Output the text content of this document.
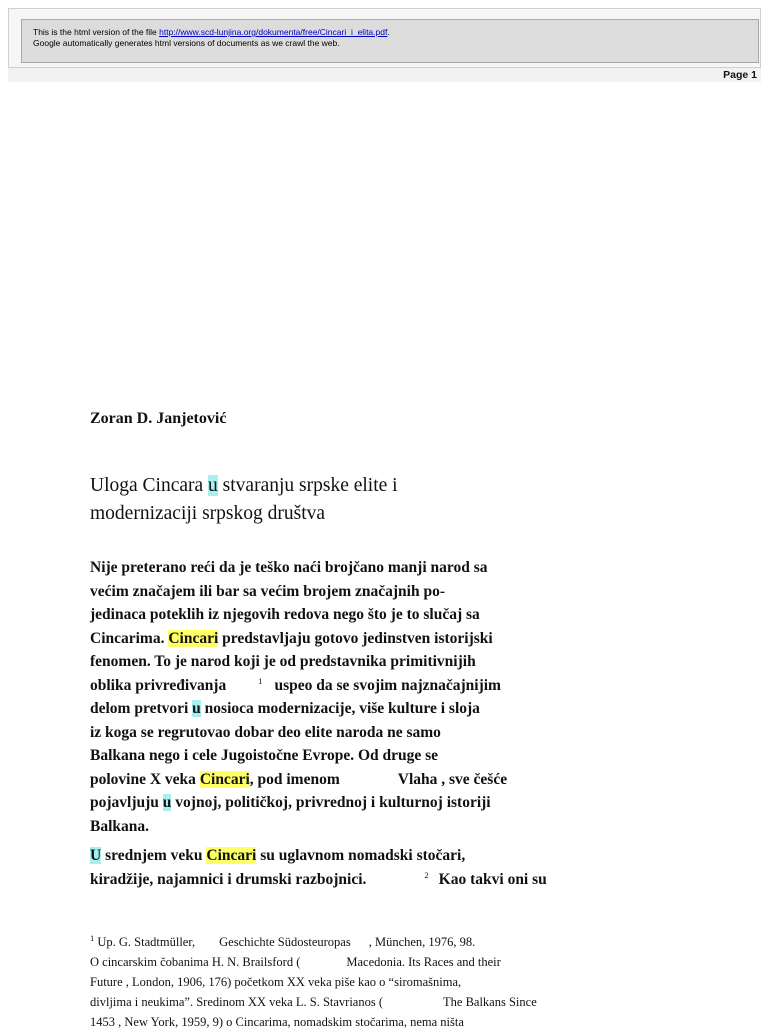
This is the html version of the file http://www.scd-lunjina.org/dokumenta/free/Cincari_i_elita.pdf.
Google automatically generates html versions of documents as we crawl the web.
Page 1
Zoran D. Janjetović
Uloga Cincara u stvaranju srpske elite i
modernizaciji srpskog društva
Nije preterano reći da je teško naći brojčano manji narod sa
većim značajem ili bar sa većim brojem značajnih po-
jedinaca poteklih iz njegovih redova nego što je to slučaj sa
Cincarima. Cincari predstavljaju gotovo jedinstven istorijski
fenomen. To je narod koji je od predstavnika primitivnijih
oblika privređivanja	$^1$ uspeo da se svojim najznačajnijim
delom pretvori u nosioca modernizacije, više kulture i sloja
iz koga se regrutovao dobar deo elite naroda ne samo
Balkana nego i cele Jugoistočne Evrope. Od druge se
polovine X veka Cincari, pod imenom	Vlaha , sve češće
pojavljuju u vojnoj, političkoj, privrednoj i kulturnoj istoriji
Balkana.
U srednjem veku Cincari su uglavnom nomadski stočari,
kiradžije, najamnici i drumski razbojnici.	$^2$ Kao takvi oni su
$^1$ Up. G. Stadtmüller, Geschichte Südosteuropas , München, 1976, 98.
O cincarskim čobanima H. N. Brailsford (	Macedonia. Its Races and their
Future , London, 1906, 176) početkom XX veka piše kao o “siromašnima,
divljima i neukima”. Sredinom XX veka L. S. Stavrianos (	The Balkans Since
1453 , New York, 1959, 9) o Cincarima, nomadskim stočarima, nema ništa
